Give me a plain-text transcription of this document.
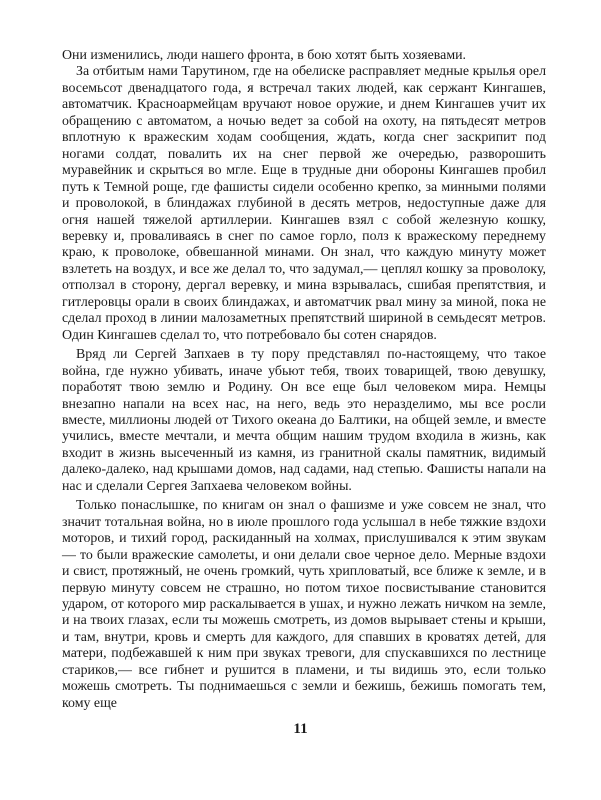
Они изменились, люди нашего фронта, в бою хотят быть хозяевами.

За отбитым нами Тарутином, где на обелиске расправляет медные крылья орел восемьсот двенадцатого года, я встречал таких людей, как сержант Кингашев, автоматчик. Красноармейцам вручают новое оружие, и днем Кингашев учит их обращению с автоматом, а ночью ведет за собой на охоту, на пятьдесят метров вплотную к вражеским ходам сообщения, ждать, когда снег заскрипит под ногами солдат, повалить их на снег первой же очередью, разворошить муравейник и скрыться во мгле. Еще в трудные дни обороны Кингашев пробил путь к Темной роще, где фашисты сидели особенно крепко, за минными полями и проволокой, в блиндажах глубиной в десять метров, недоступные даже для огня нашей тяжелой артиллерии. Кингашев взял с собой железную кошку, веревку и, проваливаясь в снег по самое горло, полз к вражескому переднему краю, к проволоке, обвешанной минами. Он знал, что каждую минуту может взлететь на воздух, и все же делал то, что задумал,— цеплял кошку за проволоку, отползал в сторону, дергал веревку, и мина взрывалась, сшибая препятствия, и гитлеровцы орали в своих блиндажах, и автоматчик рвал мину за миной, пока не сделал проход в линии малозаметных препятствий шириной в семьдесят метров. Один Кингашев сделал то, что потребовало бы сотен снарядов.

Вряд ли Сергей Запхаев в ту пору представлял по-настоящему, что такое война, где нужно убивать, иначе убьют тебя, твоих товарищей, твою девушку, поработят твою землю и Родину. Он все еще был человеком мира. Немцы внезапно напали на всех нас, на него, ведь это неразделимо, мы все росли вместе, миллионы людей от Тихого океана до Балтики, на общей земле, и вместе учились, вместе мечтали, и мечта общим нашим трудом входила в жизнь, как входит в жизнь высеченный из камня, из гранитной скалы памятник, видимый далеко-далеко, над крышами домов, над садами, над степью. Фашисты напали на нас и сделали Сергея Запхаева человеком войны.

Только понаслышке, по книгам он знал о фашизме и уже совсем не знал, что значит тотальная война, но в июле прошлого года услышал в небе тяжкие вздохи моторов, и тихий город, раскиданный на холмах, прислушивался к этим звукам — то были вражеские самолеты, и они делали свое черное дело. Мерные вздохи и свист, протяжный, не очень громкий, чуть хрипловатый, все ближе к земле, и в первую минуту совсем не страшно, но потом тихое посвистывание становится ударом, от которого мир раскалывается в ушах, и нужно лежать ничком на земле, и на твоих глазах, если ты можешь смотреть, из домов вырывает стены и крыши, и там, внутри, кровь и смерть для каждого, для спавших в кроватях детей, для матери, подбежавшей к ним при звуках тревоги, для спускавшихся по лестнице стариков,— все гибнет и рушится в пламени, и ты видишь это, если только можешь смотреть. Ты поднимаешься с земли и бежишь, бежишь помогать тем, кому еще

11
